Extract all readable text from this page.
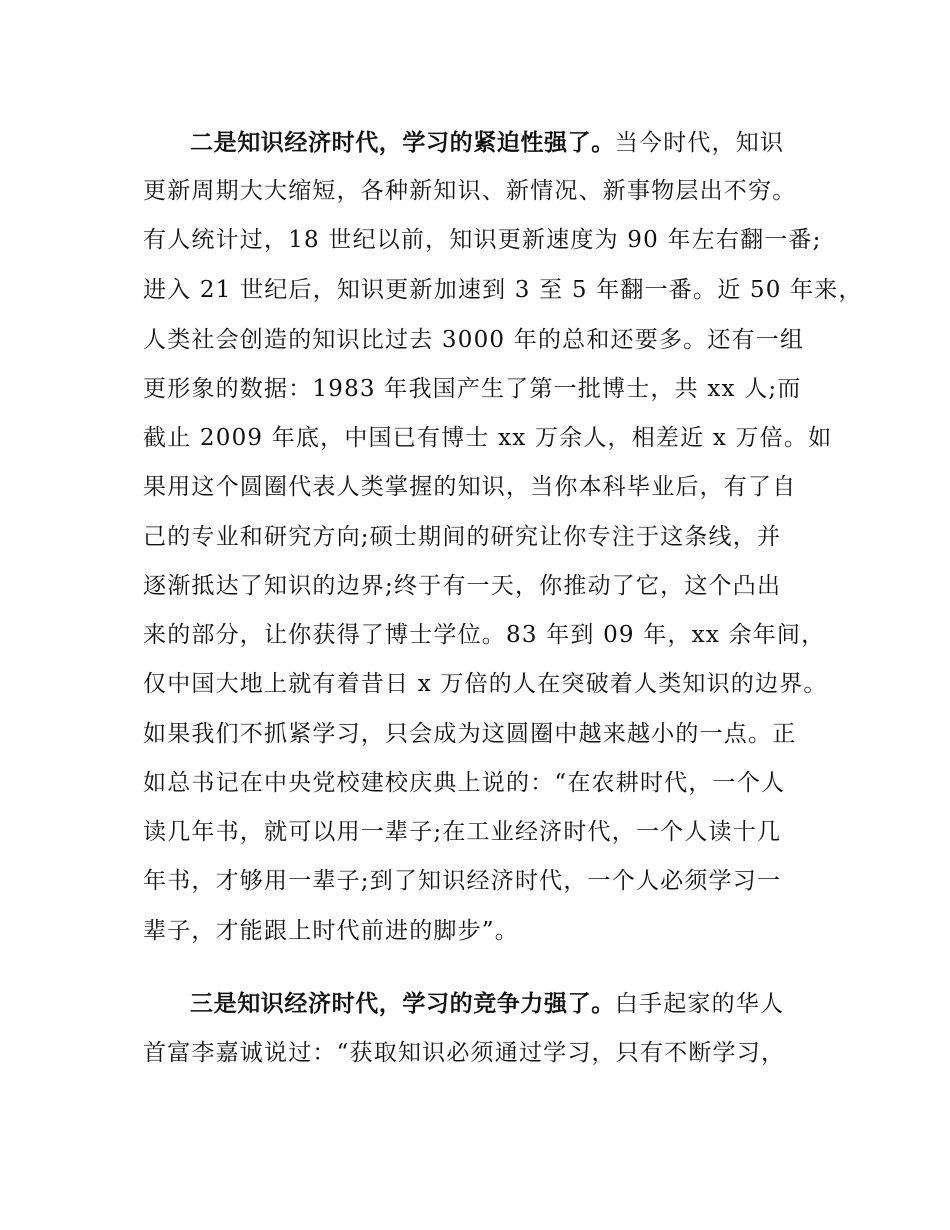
二是知识经济时代，学习的紧迫性强了。当今时代，知识
更新周期大大缩短，各种新知识、新情况、新事物层出不穷。
有人统计过，18 世纪以前，知识更新速度为 90 年左右翻一番;
进入 21 世纪后，知识更新加速到 3 至 5 年翻一番。近 50 年来，
人类社会创造的知识比过去 3000 年的总和还要多。还有一组
更形象的数据：1983 年我国产生了第一批博士，共 xx 人;而
截止 2009 年底，中国已有博士 xx 万余人，相差近 x 万倍。如
果用这个圆圈代表人类掌握的知识，当你本科毕业后，有了自
己的专业和研究方向;硕士期间的研究让你专注于这条线，并
逐渐抵达了知识的边界;终于有一天，你推动了它，这个凸出
来的部分，让你获得了博士学位。83 年到 09 年，xx 余年间，
仅中国大地上就有着昔日 x 万倍的人在突破着人类知识的边界。
如果我们不抓紧学习，只会成为这圆圈中越来越小的一点。正
如总书记在中央党校建校庆典上说的：“在农耕时代，一个人
读几年书，就可以用一辈子;在工业经济时代，一个人读十几
年书，才够用一辈子;到了知识经济时代，一个人必须学习一
辈子，才能跟上时代前进的脚步”。
三是知识经济时代，学习的竞争力强了。白手起家的华人
首富李嘉诚说过：“获取知识必须通过学习，只有不断学习，
